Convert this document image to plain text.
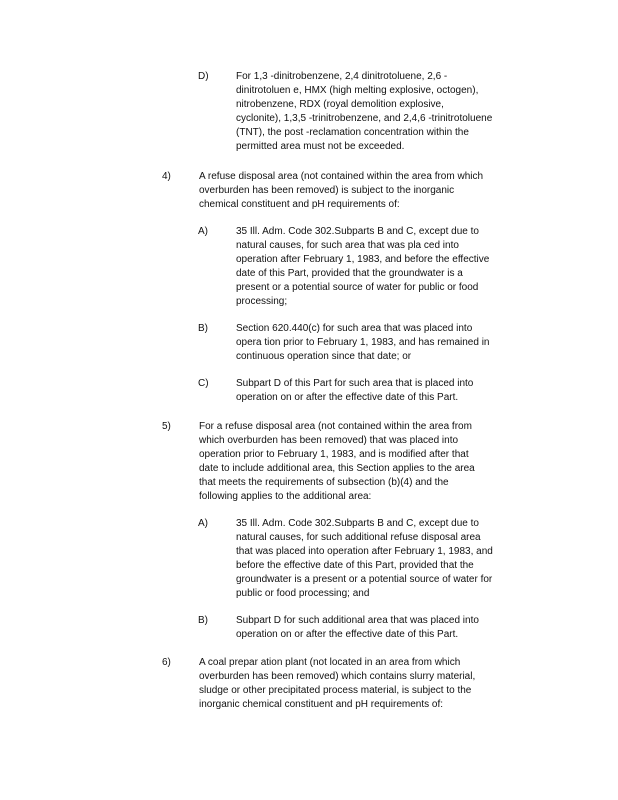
D)	For 1,3 -dinitrobenzene, 2,4 dinitrotoluene, 2,6 -
dinitrotoluen e, HMX (high melting explosive, octogen),
nitrobenzene, RDX (royal demolition explosive,
cyclonite), 1,3,5 -trinitrobenzene, and 2,4,6 -trinitrotoluene
(TNT), the post -reclamation concentration within the
permitted area must not be exceeded.
4)	A refuse disposal area (not contained within the area from which
overburden has been removed) is subject to the inorganic
chemical constituent and pH requirements of:
A)	35 Ill. Adm. Code 302.Subparts B and C, except due to
natural causes, for such area that was pla ced into
operation after February 1, 1983, and before the effective
date of this Part, provided that the groundwater is a
present or a potential source of water for public or food
processing;
B)	Section 620.440(c) for such area that was placed into
opera tion prior to February 1, 1983, and has remained in
continuous operation since that date; or
C)	Subpart D of this Part for such area that is placed into
operation on or after the effective date of this Part.
5)	For a refuse disposal area (not contained within the area from
which overburden has been removed) that was placed into
operation prior to February 1, 1983, and is modified after that
date to include additional area, this Section applies to the area
that meets the requirements of subsection (b)(4) and the
following applies to the additional area:
A)	35 Ill. Adm. Code 302.Subparts B and C, except due to
natural causes, for such additional refuse disposal area
that was placed into operation after February 1, 1983, and
before the effective date of this Part, provided that the
groundwater is a present or a potential source of water for
public or food processing; and
B)	Subpart D for such additional area that was placed into
operation on or after the effective date of this Part.
6)	A coal prepar ation plant (not located in an area from which
overburden has been removed) which contains slurry material,
sludge or other precipitated process material, is subject to the
inorganic chemical constituent and pH requirements of:
